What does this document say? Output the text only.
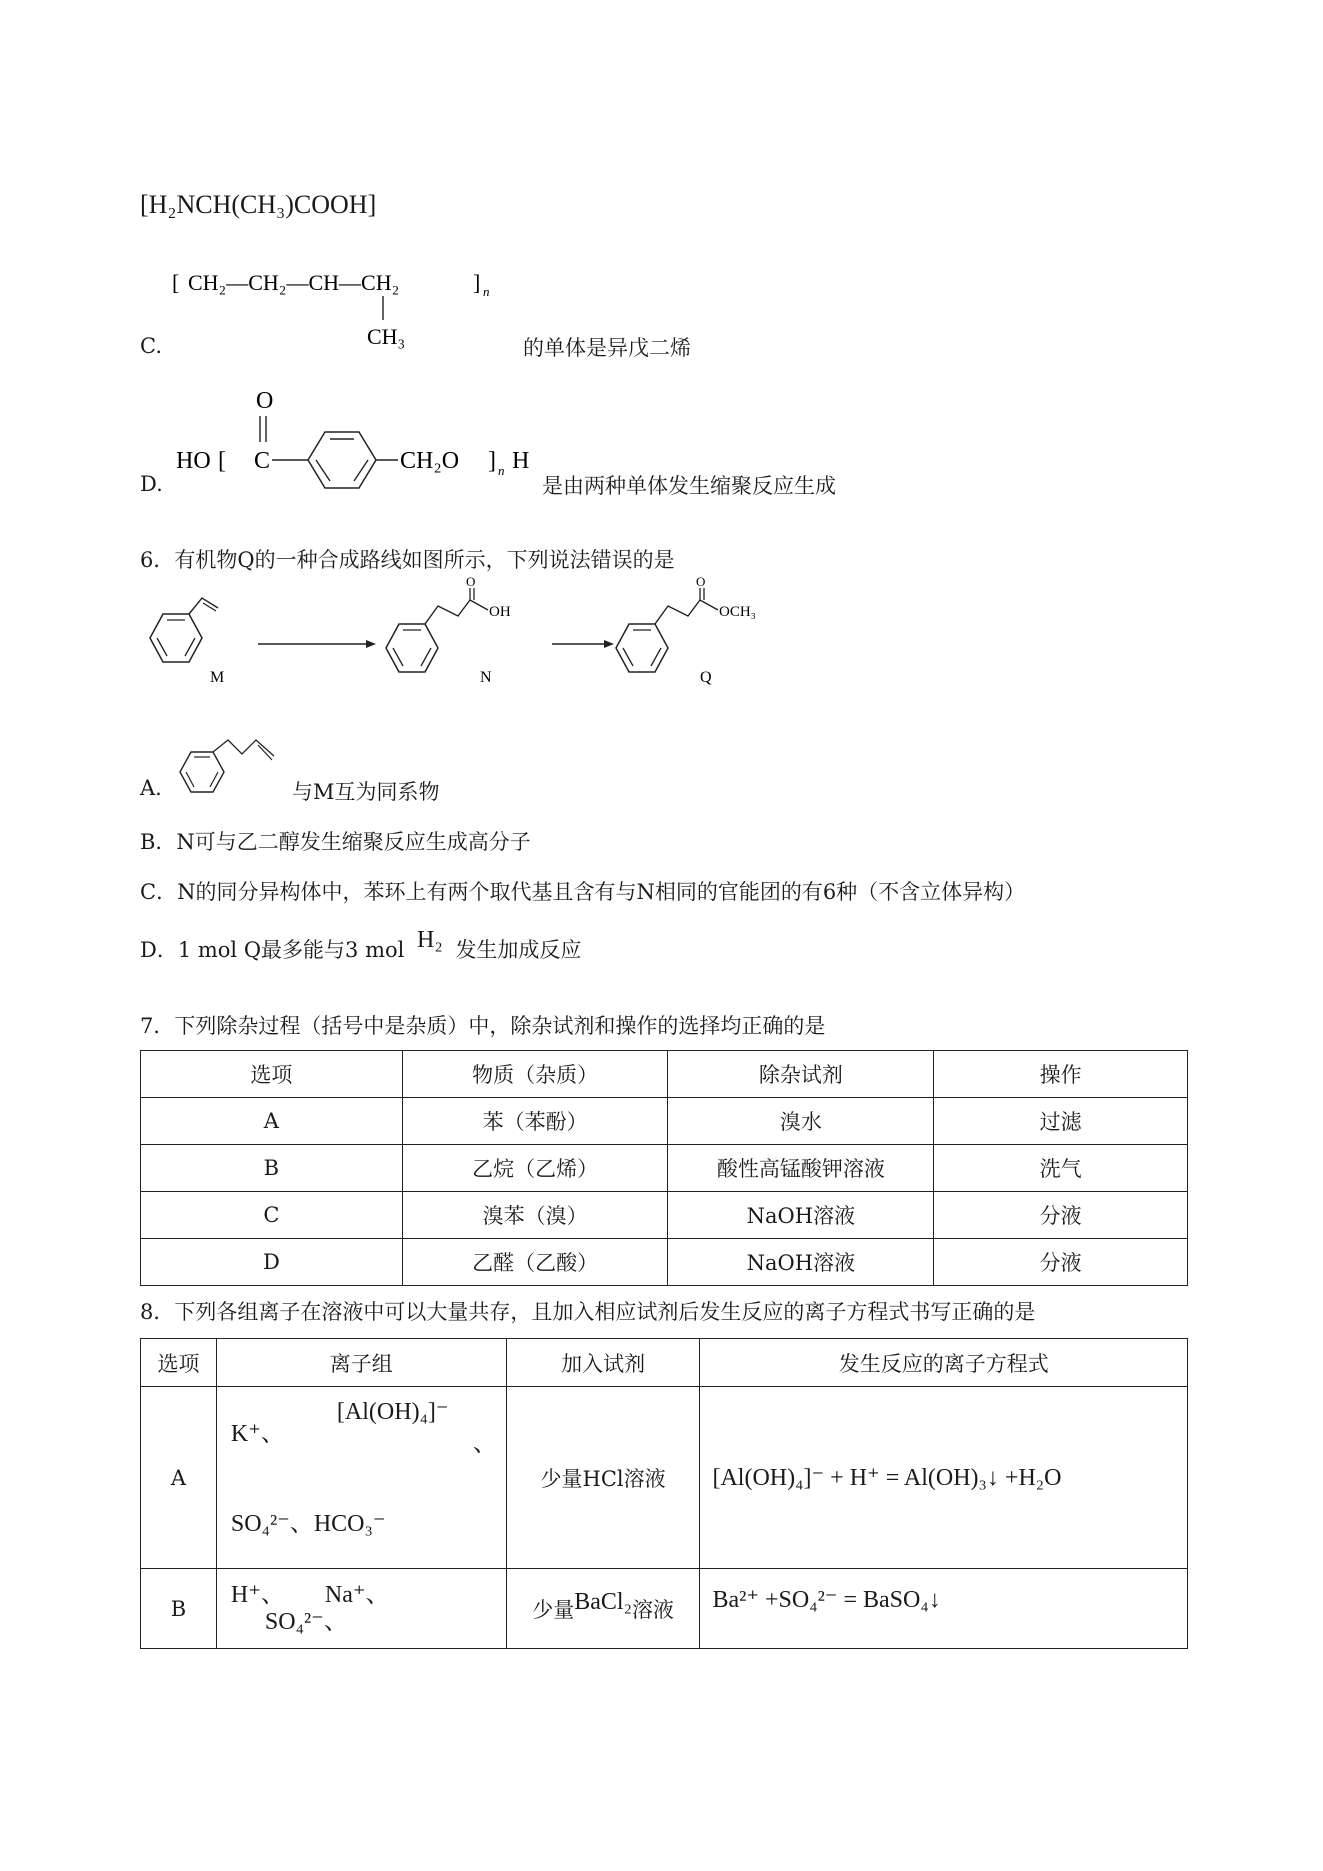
[H₂NCH(CH₃)COOH]
C.
[ CH₂—CH₂—CH—CH₂
CH₃
] n
的单体是异戊二烯
D.
O
HO [ C	CH₂O ] n H
是由两种单体发生缩聚反应生成
6．有机物Q的一种合成路线如图所示，下列说法错误的是
M
O
OH
N
O
OCH₃
Q
A.	与M互为同系物
B．N可与乙二醇发生缩聚反应生成高分子
C．N的同分异构体中，苯环上有两个取代基且含有与N相同的官能团的有6种（不含立体异构）
D．1 mol Q最多能与3 mol H₂ 发生加成反应
7．下列除杂过程（括号中是杂质）中，除杂试剂和操作的选择均正确的是
选项	物质（杂质）	除杂试剂	操作
A	苯（苯酚）	溴水	过滤
B	乙烷（乙烯）	酸性高锰酸钾溶液	洗气
C	溴苯（溴）	NaOH溶液	分液
D	乙醛（乙酸）	NaOH溶液	分液
8．下列各组离子在溶液中可以大量共存，且加入相应试剂后发生反应的离子方程式书写正确的是
选项	离子组	加入试剂	发生反应的离子方程式
A	K⁺、
[Al(OH)₄]⁻
、
SO₄²⁻、HCO₃⁻	少量HCl溶液	[Al(OH)₄]⁻ + H⁺ = Al(OH)₃↓ +H₂O
B	H⁺、 Na⁺、 SO₄²⁻、	少量BaCl₂溶液	Ba²⁺ +SO₄²⁻ = BaSO₄↓
